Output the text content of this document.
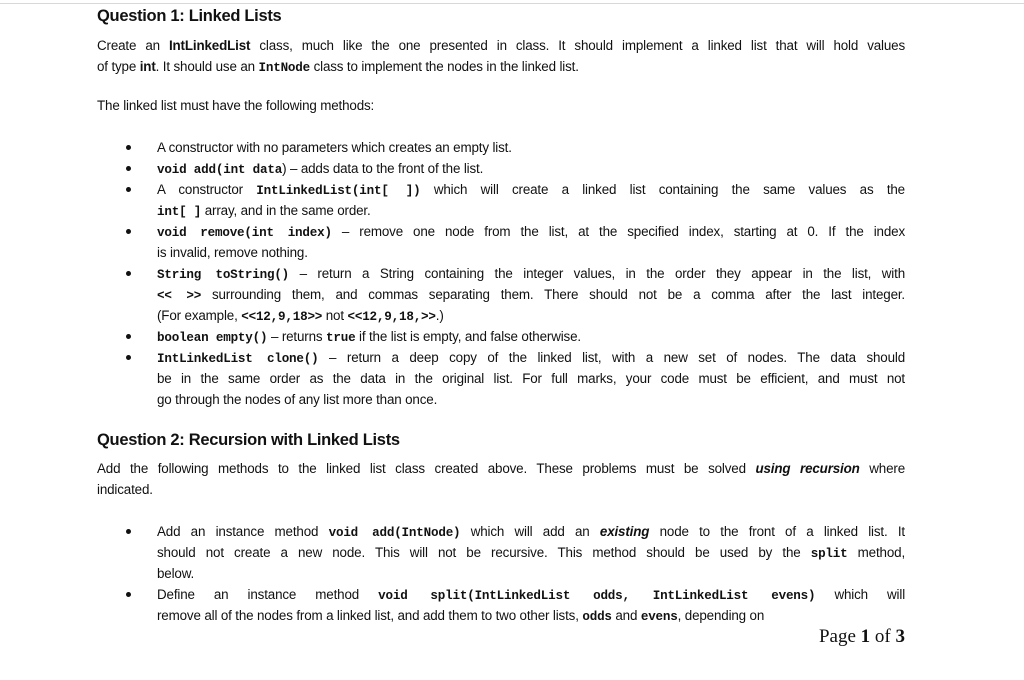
Question 1: Linked Lists
Create an IntLinkedList class, much like the one presented in class. It should implement a linked list that will hold values
of type int. It should use an IntNode class to implement the nodes in the linked list.
The linked list must have the following methods:
A constructor with no parameters which creates an empty list.
void add(int data) – adds data to the front of the list.
A constructor IntLinkedList(int[ ]) which will create a linked list containing the same values as the
int[ ] array, and in the same order.
void remove(int index) – remove one node from the list, at the specified index, starting at 0. If the index
is invalid, remove nothing.
String toString() – return a String containing the integer values, in the order they appear in the list, with
<< >> surrounding them, and commas separating them. There should not be a comma after the last integer.
(For example, <<12,9,18>> not <<12,9,18,>>.)
boolean empty() – returns true if the list is empty, and false otherwise.
IntLinkedList clone() – return a deep copy of the linked list, with a new set of nodes. The data should
be in the same order as the data in the original list. For full marks, your code must be efficient, and must not
go through the nodes of any list more than once.
Question 2: Recursion with Linked Lists
Add the following methods to the linked list class created above. These problems must be solved using recursion where
indicated.
Add an instance method void add(IntNode) which will add an existing node to the front of a linked list. It
should not create a new node. This will not be recursive. This method should be used by the split method,
below.
Define an instance method void split(IntLinkedList odds, IntLinkedList evens) which will
remove all of the nodes from a linked list, and add them to two other lists, odds and evens, depending on
Page 1 of 3
